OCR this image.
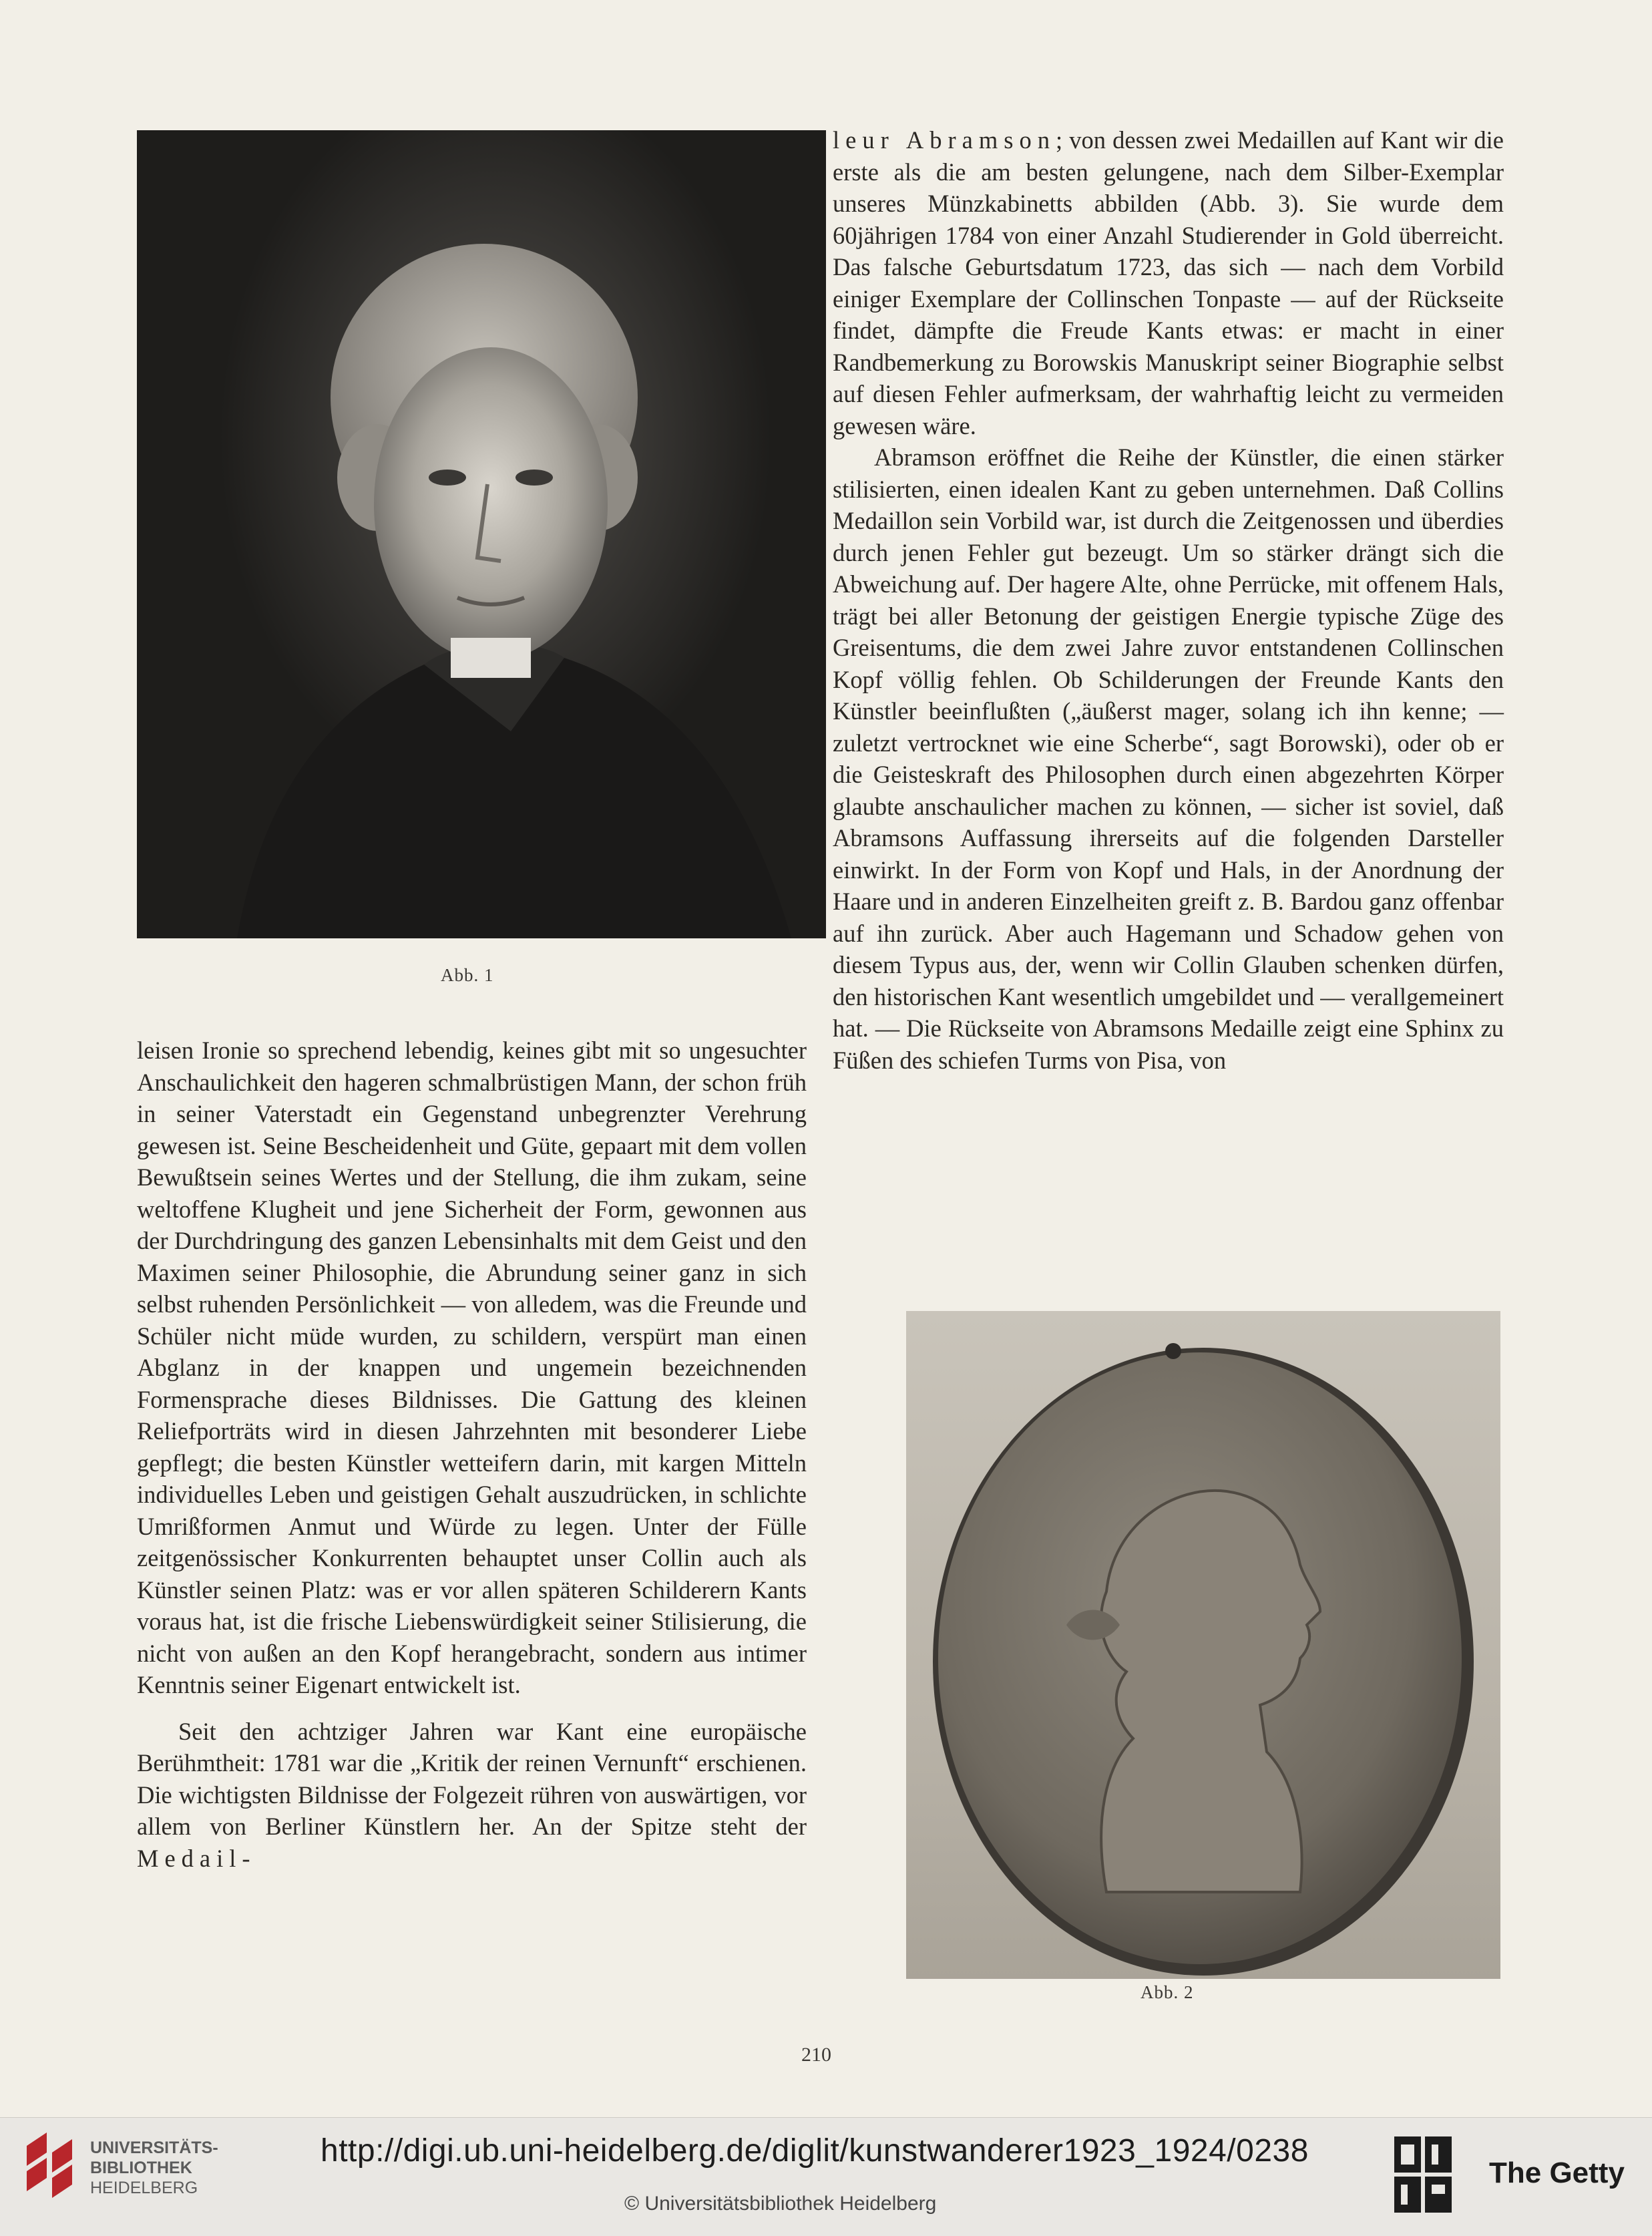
Abb. 1

leisen Ironie so sprechend lebendig, keines gibt mit so ungesuchter Anschaulichkeit den hageren schmalbrüstigen Mann, der schon früh in seiner Vaterstadt ein Gegenstand unbegrenzter Verehrung gewesen ist. Seine Bescheidenheit und Güte, gepaart mit dem vollen Bewußtsein seines Wertes und der Stellung, die ihm zukam, seine weltoffene Klugheit und jene Sicherheit der Form, gewonnen aus der Durchdringung des ganzen Lebensinhalts mit dem Geist und den Maximen seiner Philosophie, die Abrundung seiner ganz in sich selbst ruhenden Persönlichkeit — von alledem, was die Freunde und Schüler nicht müde wurden, zu schildern, verspürt man einen Abglanz in der knappen und ungemein bezeichnenden Formensprache dieses Bildnisses. Die Gattung des kleinen Reliefporträts wird in diesen Jahrzehnten mit besonderer Liebe gepflegt; die besten Künstler wetteifern darin, mit kargen Mitteln individuelles Leben und geistigen Gehalt auszudrücken, in schlichte Umrißformen Anmut und Würde zu legen. Unter der Fülle zeitgenössischer Konkurrenten behauptet unser Collin auch als Künstler seinen Platz: was er vor allen späteren Schilderern Kants voraus hat, ist die frische Liebenswürdigkeit seiner Stilisierung, die nicht von außen an den Kopf herangebracht, sondern aus intimer Kenntnis seiner Eigenart entwickelt ist.

Seit den achtziger Jahren war Kant eine europäische Berühmtheit: 1781 war die „Kritik der reinen Vernunft“ erschienen. Die wichtigsten Bildnisse der Folgezeit rühren von auswärtigen, vor allem von Berliner Künstlern her. An der Spitze steht der Medail-

leur Abramson; von dessen zwei Medaillen auf Kant wir die erste als die am besten gelungene, nach dem Silber-Exemplar unseres Münzkabinetts abbilden (Abb. 3). Sie wurde dem 60jährigen 1784 von einer Anzahl Studierender in Gold überreicht. Das falsche Geburtsdatum 1723, das sich — nach dem Vorbild einiger Exemplare der Collinschen Tonpaste — auf der Rückseite findet, dämpfte die Freude Kants etwas: er macht in einer Randbemerkung zu Borowskis Manuskript seiner Biographie selbst auf diesen Fehler aufmerksam, der wahrhaftig leicht zu vermeiden gewesen wäre.

Abramson eröffnet die Reihe der Künstler, die einen stärker stilisierten, einen idealen Kant zu geben unternehmen. Daß Collins Medaillon sein Vorbild war, ist durch die Zeitgenossen und überdies durch jenen Fehler gut bezeugt. Um so stärker drängt sich die Abweichung auf. Der hagere Alte, ohne Perrücke, mit offenem Hals, trägt bei aller Betonung der geistigen Energie typische Züge des Greisentums, die dem zwei Jahre zuvor entstandenen Collinschen Kopf völlig fehlen. Ob Schilderungen der Freunde Kants den Künstler beeinflußten („äußerst mager, solang ich ihn kenne; — zuletzt vertrocknet wie eine Scherbe“, sagt Borowski), oder ob er die Geisteskraft des Philosophen durch einen abgezehrten Körper glaubte anschaulicher machen zu können, — sicher ist soviel, daß Abramsons Auffassung ihrerseits auf die folgenden Darsteller einwirkt. In der Form von Kopf und Hals, in der Anordnung der Haare und in anderen Einzelheiten greift z. B. Bardou ganz offenbar auf ihn zurück. Aber auch Hagemann und Schadow gehen von diesem Typus aus, der, wenn wir Collin Glauben schenken dürfen, den historischen Kant wesentlich umgebildet und — verallgemeinert hat. — Die Rückseite von Abramsons Medaille zeigt eine Sphinx zu Füßen des schiefen Turms von Pisa, von

Abb. 2
210
UNIVERSITÄTS-
BIBLIOTHEK
HEIDELBERG
http://digi.ub.uni-heidelberg.de/diglit/kunstwanderer1923_1924/0238
© Universitätsbibliothek Heidelberg
The Getty
